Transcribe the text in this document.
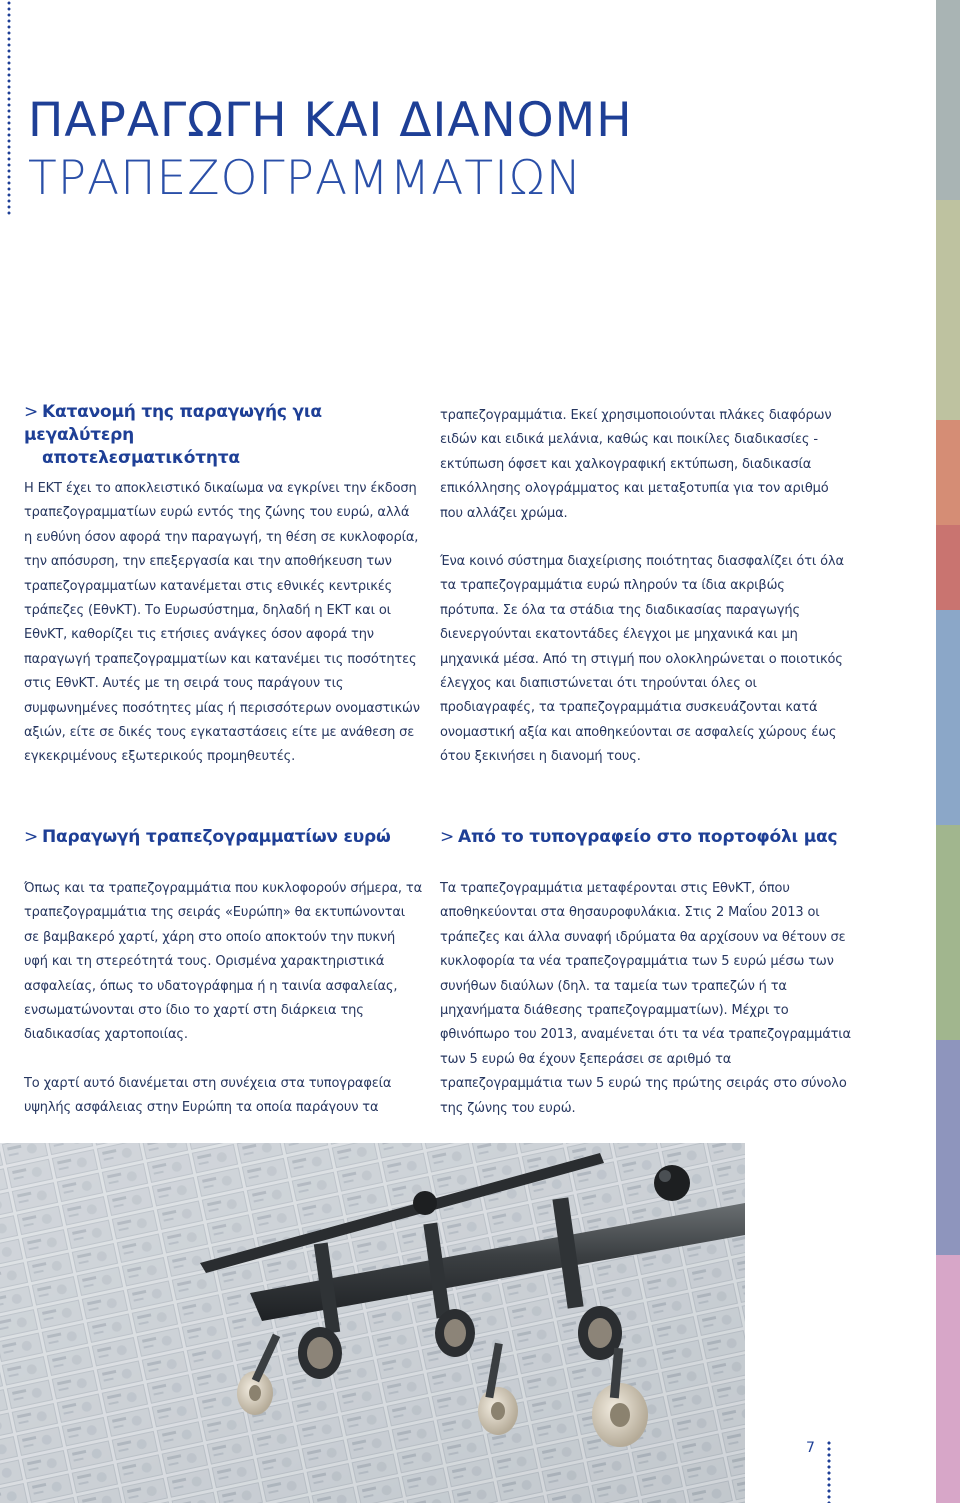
ΠΑΡΑΓΩΓΗ ΚΑΙ ΔΙΑΝΟΜΗ
ΤΡΑΠΕΖΟΓΡΑΜΜΑΤΙΩΝ
> Κατανομή της παραγωγής για μεγαλύτερη
αποτελεσματικότητα

Η ΕΚΤ έχει το αποκλειστικό δικαίωμα να εγκρίνει την έκδοση τραπεζογραμματίων ευρώ εντός της ζώνης του ευρώ, αλλά η ευθύνη όσον αφορά την παραγωγή, τη θέση σε κυκλοφορία, την απόσυρση, την επεξεργασία και την αποθήκευση των τραπεζογραμματίων κατανέμεται στις εθνικές κεντρικές τράπεζες (ΕθνΚΤ). Το Ευρωσύστημα, δηλαδή η ΕΚΤ και οι ΕθνΚΤ, καθορίζει τις ετήσιες ανάγκες όσον αφορά την παραγωγή τραπεζογραμματίων και κατανέμει τις ποσότητες στις ΕθνΚΤ. Αυτές με τη σειρά τους παράγουν τις συμφωνημένες ποσότητες μίας ή περισσότερων ονομαστικών αξιών, είτε σε δικές τους εγκαταστάσεις είτε με ανάθεση σε εγκεκριμένους εξωτερικούς προμηθευτές.

τραπεζογραμμάτια. Εκεί χρησιμοποιούνται πλάκες διαφόρων ειδών και ειδικά μελάνια, καθώς και ποικίλες διαδικασίες - εκτύπωση όφσετ και χαλκογραφική εκτύπωση, διαδικασία επικόλλησης ολογράμματος και μεταξοτυπία για τον αριθμό που αλλάζει χρώμα.

Ένα κοινό σύστημα διαχείρισης ποιότητας διασφαλίζει ότι όλα τα τραπεζογραμμάτια ευρώ πληρούν τα ίδια ακριβώς πρότυπα. Σε όλα τα στάδια της διαδικασίας παραγωγής διενεργούνται εκατοντάδες έλεγχοι με μηχανικά και μη μηχανικά μέσα. Από τη στιγμή που ολοκληρώνεται ο ποιοτικός έλεγχος και διαπιστώνεται ότι τηρούνται όλες οι προδιαγραφές, τα τραπεζογραμμάτια συσκευάζονται κατά ονομαστική αξία και αποθηκεύονται σε ασφαλείς χώρους έως ότου ξεκινήσει η διανομή τους.

> Παραγωγή τραπεζογραμματίων ευρώ

Όπως και τα τραπεζογραμμάτια που κυκλοφορούν σήμερα, τα τραπεζογραμμάτια της σειράς «Ευρώπη» θα εκτυπώνονται σε βαμβακερό χαρτί, χάρη στο οποίο αποκτούν την πυκνή υφή και τη στερεότητά τους. Ορισμένα χαρακτηριστικά ασφαλείας, όπως το υδατογράφημα ή η ταινία ασφαλείας, ενσωματώνονται στο ίδιο το χαρτί στη διάρκεια της διαδικασίας χαρτοποιίας.

Το χαρτί αυτό διανέμεται στη συνέχεια στα τυπογραφεία υψηλής ασφάλειας στην Ευρώπη τα οποία παράγουν τα

> Από το τυπογραφείο στο πορτοφόλι μας

Τα τραπεζογραμμάτια μεταφέρονται στις ΕθνΚΤ, όπου αποθηκεύονται στα θησαυροφυλάκια. Στις 2 Μαΐου 2013 οι τράπεζες και άλλα συναφή ιδρύματα θα αρχίσουν να θέτουν σε κυκλοφορία τα νέα τραπεζογραμμάτια των 5 ευρώ μέσω των συνήθων διαύλων (δηλ. τα ταμεία των τραπεζών ή τα μηχανήματα διάθεσης τραπεζογραμματίων). Μέχρι το φθινόπωρο του 2013, αναμένεται ότι τα νέα τραπεζογραμμάτια των 5 ευρώ θα έχουν ξεπεράσει σε αριθμό τα τραπεζογραμμάτια των 5 ευρώ της πρώτης σειράς στο σύνολο της ζώνης του ευρώ.

7
